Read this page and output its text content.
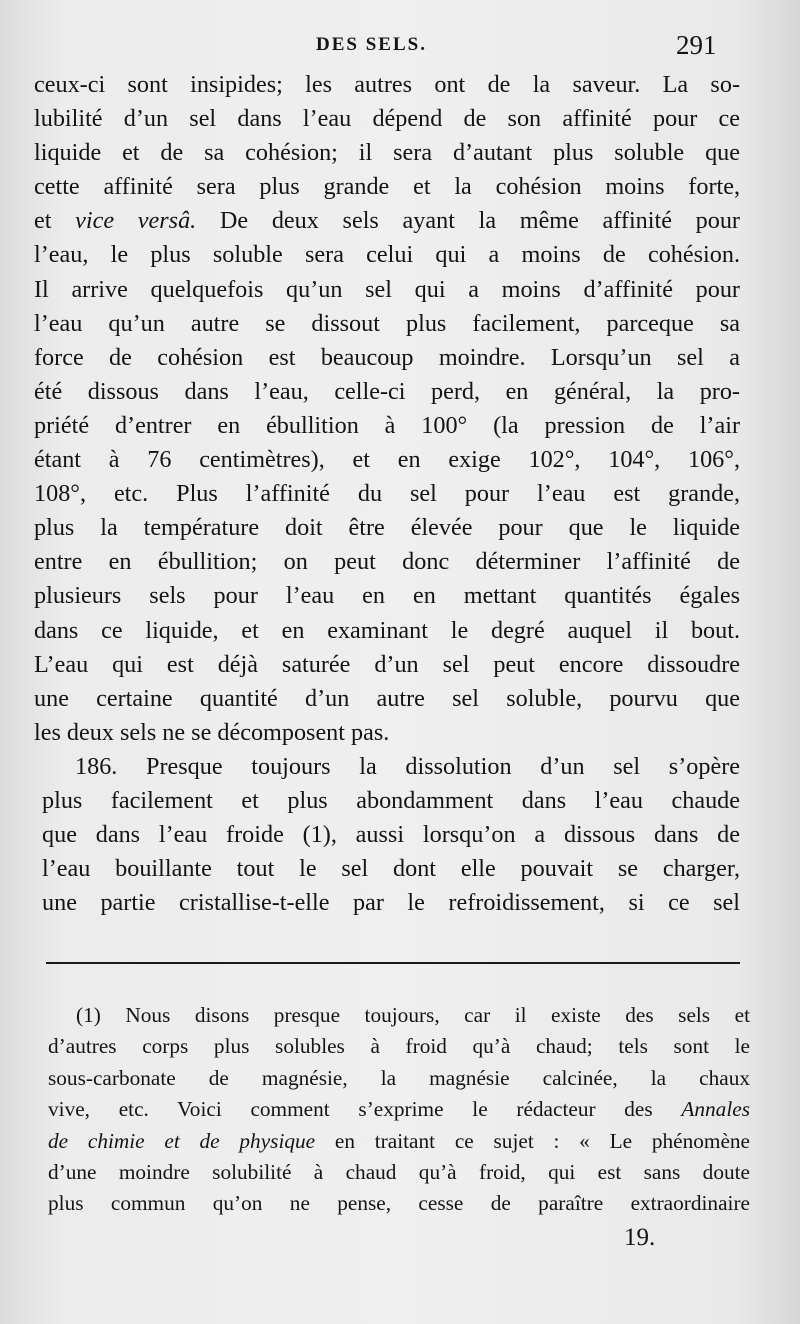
DES SELS.	291
ceux-ci sont insipides; les autres ont de la saveur. La so-
lubilité d’un sel dans l’eau dépend de son affinité pour ce
liquide et de sa cohésion; il sera d’autant plus soluble que
cette affinité sera plus grande et la cohésion moins forte,
et vice versâ. De deux sels ayant la même affinité pour
l’eau, le plus soluble sera celui qui a moins de cohésion.
Il arrive quelquefois qu’un sel qui a moins d’affinité pour
l’eau qu’un autre se dissout plus facilement, parceque sa
force de cohésion est beaucoup moindre. Lorsqu’un sel a
été dissous dans l’eau, celle-ci perd, en général, la pro-
priété d’entrer en ébullition à 100° (la pression de l’air
étant à 76 centimètres), et en exige 102°, 104°, 106°,
108°, etc. Plus l’affinité du sel pour l’eau est grande,
plus la température doit être élevée pour que le liquide
entre en ébullition; on peut donc déterminer l’affinité de
plusieurs sels pour l’eau en en mettant quantités égales
dans ce liquide, et en examinant le degré auquel il bout.
L’eau qui est déjà saturée d’un sel peut encore dissoudre
une certaine quantité d’un autre sel soluble, pourvu que
les deux sels ne se décomposent pas.
186. Presque toujours la dissolution d’un sel s’opère
plus facilement et plus abondamment dans l’eau chaude
que dans l’eau froide (1), aussi lorsqu’on a dissous dans de
l’eau bouillante tout le sel dont elle pouvait se charger,
une partie cristallise-t-elle par le refroidissement, si ce sel
(1) Nous disons presque toujours, car il existe des sels et
d’autres corps plus solubles à froid qu’à chaud; tels sont le
sous-carbonate de magnésie, la magnésie calcinée, la chaux
vive, etc. Voici comment s’exprime le rédacteur des Annales
de chimie et de physique en traitant ce sujet : « Le phénomène
d’une moindre solubilité à chaud qu’à froid, qui est sans doute
plus commun qu’on ne pense, cesse de paraître extraordinaire
19.
